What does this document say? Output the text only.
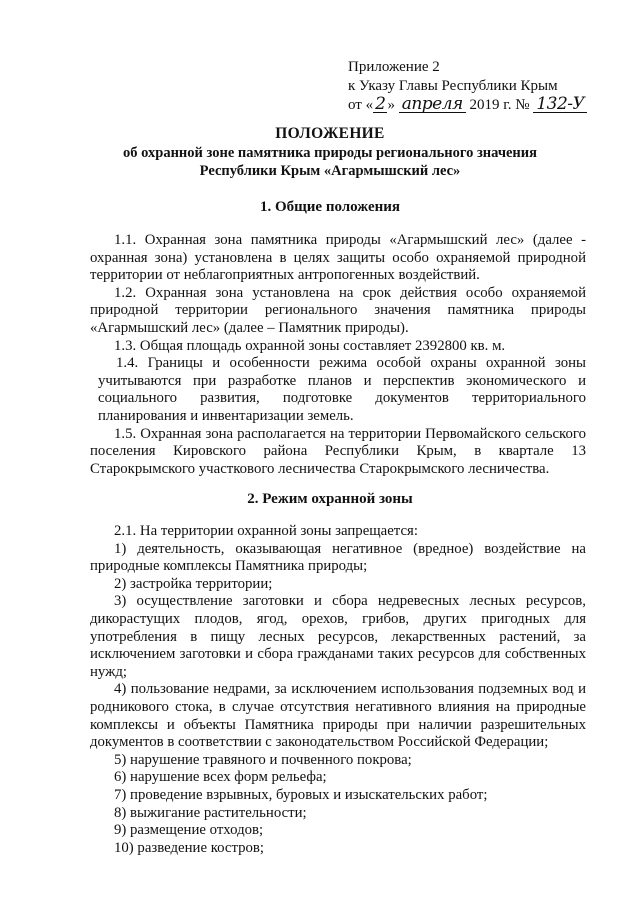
Приложение 2
к Указу Главы Республики Крым
от « 2 » апреля 2019 г. № 132-У
ПОЛОЖЕНИЕ
об охранной зоне памятника природы регионального значения
Республики Крым «Агармышский лес»
1. Общие положения

1.1. Охранная зона памятника природы «Агармышский лес» (далее - охранная зона) установлена в целях защиты особо охраняемой природной территории от неблагоприятных антропогенных воздействий.

1.2. Охранная зона установлена на срок действия особо охраняемой природной территории регионального значения памятника природы «Агармышский лес» (далее – Памятник природы).

1.3. Общая площадь охранной зоны составляет 2392800 кв. м.

1.4. Границы и особенности режима особой охраны охранной зоны учитываются при разработке планов и перспектив экономического и социального развития, подготовке документов территориального планирования и инвентаризации земель.

1.5. Охранная зона располагается на территории Первомайского сельского поселения Кировского района Республики Крым, в квартале 13 Старокрымского участкового лесничества Старокрымского лесничества.

2. Режим охранной зоны

2.1. На территории охранной зоны запрещается:

1) деятельность, оказывающая негативное (вредное) воздействие на природные комплексы Памятника природы;

2) застройка территории;

3) осуществление заготовки и сбора недревесных лесных ресурсов, дикорастущих плодов, ягод, орехов, грибов, других пригодных для употребления в пищу лесных ресурсов, лекарственных растений, за исключением заготовки и сбора гражданами таких ресурсов для собственных нужд;

4) пользование недрами, за исключением использования подземных вод и родникового стока, в случае отсутствия негативного влияния на природные комплексы и объекты Памятника природы при наличии разрешительных документов в соответствии с законодательством Российской Федерации;

5) нарушение травяного и почвенного покрова;

6) нарушение всех форм рельефа;

7) проведение взрывных, буровых и изыскательских работ;

8) выжигание растительности;

9) размещение отходов;

10) разведение костров;
